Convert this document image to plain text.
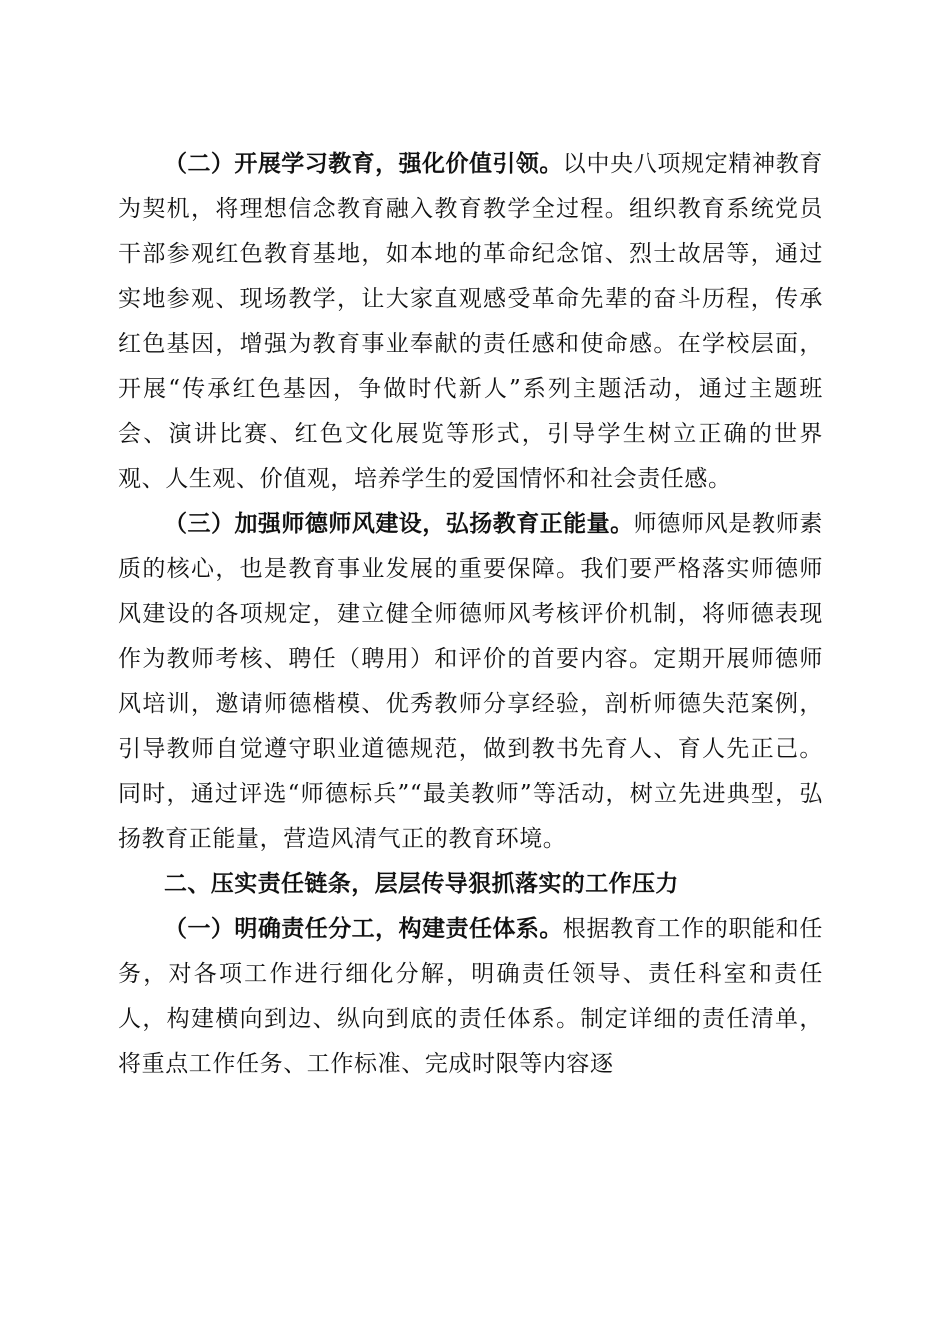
（二）开展学习教育，强化价值引领。以中央八项规定精神教育为契机，将理想信念教育融入教育教学全过程。组织教育系统党员干部参观红色教育基地，如本地的革命纪念馆、烈士故居等，通过实地参观、现场教学，让大家直观感受革命先辈的奋斗历程，传承红色基因，增强为教育事业奉献的责任感和使命感。在学校层面，开展“传承红色基因，争做时代新人”系列主题活动，通过主题班会、演讲比赛、红色文化展览等形式，引导学生树立正确的世界观、人生观、价值观，培养学生的爱国情怀和社会责任感。

（三）加强师德师风建设，弘扬教育正能量。师德师风是教师素质的核心，也是教育事业发展的重要保障。我们要严格落实师德师风建设的各项规定，建立健全师德师风考核评价机制，将师德表现作为教师考核、聘任（聘用）和评价的首要内容。定期开展师德师风培训，邀请师德楷模、优秀教师分享经验，剖析师德失范案例，引导教师自觉遵守职业道德规范，做到教书先育人、育人先正己。同时，通过评选“师德标兵”“最美教师”等活动，树立先进典型，弘扬教育正能量，营造风清气正的教育环境。

二、压实责任链条，层层传导狠抓落实的工作压力

（一）明确责任分工，构建责任体系。根据教育工作的职能和任务，对各项工作进行细化分解，明确责任领导、责任科室和责任人，构建横向到边、纵向到底的责任体系。制定详细的责任清单，将重点工作任务、工作标准、完成时限等内容逐
